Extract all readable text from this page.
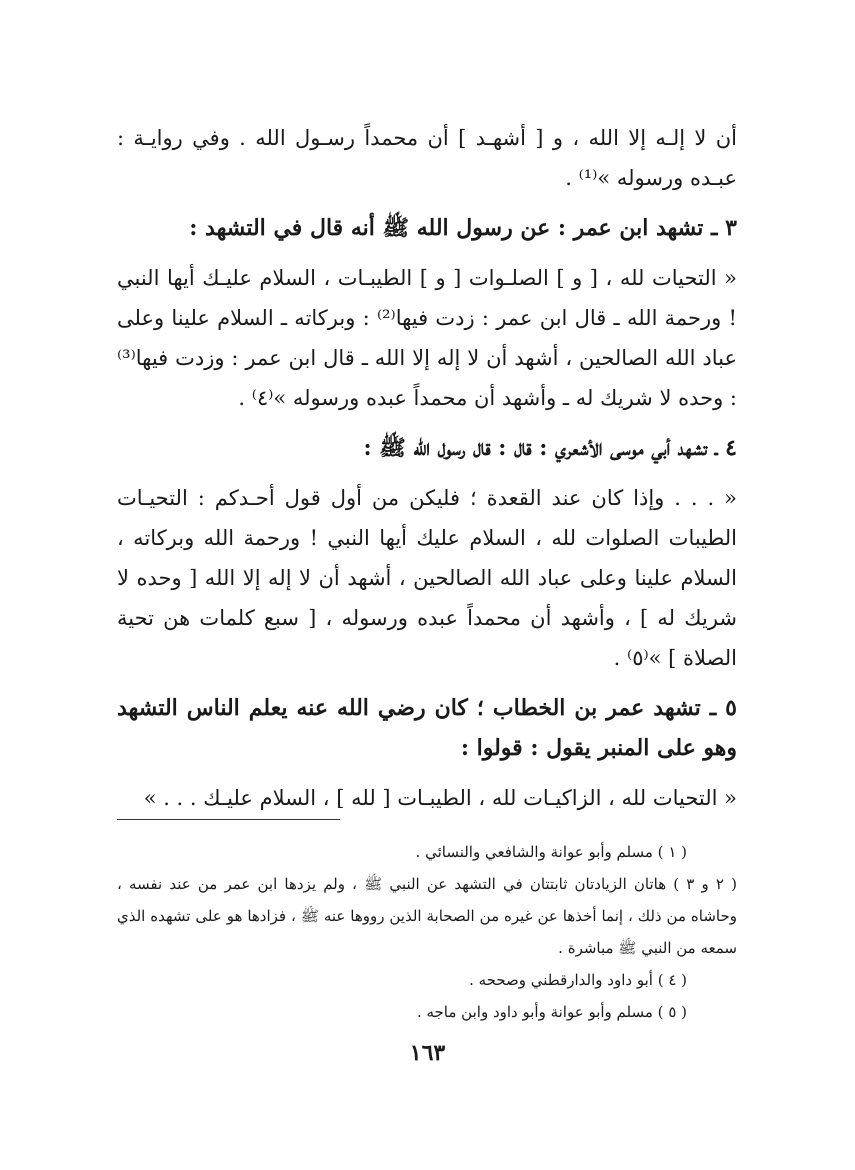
أن لا إلـه إلا الله ، و [ أشهـد ] أن محمداً رسـول الله . وفي روايـة : عبـده ورسوله »⁽¹⁾ .

٣ ـ تشهد ابن عمر : عن رسول الله ﷺ أنه قال في التشهد :

« التحيات لله ، [ و ] الصلـوات [ و ] الطيبـات ، السلام عليـك أيها النبي ! ورحمة الله ـ قال ابن عمر : زدت فيها⁽²⁾ : وبركاته ـ السلام علينا وعلى عباد الله الصالحين ، أشهد أن لا إله إلا الله ـ قال ابن عمر : وزدت فيها⁽³⁾ : وحده لا شريك له ـ وأشهد أن محمداً عبده ورسوله »⁽٤⁾ .

٤ ـ تشهد أبي موسى الأشعري : قال : قال رسول الله ﷺ :

« . . . وإذا كان عند القعدة ؛ فليكن من أول قول أحـدكم : التحيـات الطيبات الصلوات لله ، السلام عليك أيها النبي ! ورحمة الله وبركاته ، السلام علينا وعلى عباد الله الصالحين ، أشهد أن لا إله إلا الله [ وحده لا شريك له ] ، وأشهد أن محمداً عبده ورسوله ، [ سبع كلمات هن تحية الصلاة ] »⁽٥⁾ .

٥ ـ تشهد عمر بن الخطاب ؛ كان رضي الله عنه يعلم الناس التشهد وهو على المنبر يقول : قولوا :

« التحيات لله ، الزاكيـات لله ، الطيبـات [ لله ] ، السلام عليـك . . . »

( ١ ) مسلم وأبو عوانة والشافعي والنسائي .

( ٢ و ٣ ) هاتان الزيادتان ثابتتان في التشهد عن النبي ﷺ ، ولم يزدها ابن عمر من عند نفسه ، وحاشاه من ذلك ، إنما أخذها عن غيره من الصحابة الذين رووها عنه ﷺ ، فزادها هو على تشهده الذي سمعه من النبي ﷺ مباشرة .

( ٤ ) أبو داود والدارقطني وصححه .

( ٥ ) مسلم وأبو عوانة وأبو داود وابن ماجه .

١٦٣
